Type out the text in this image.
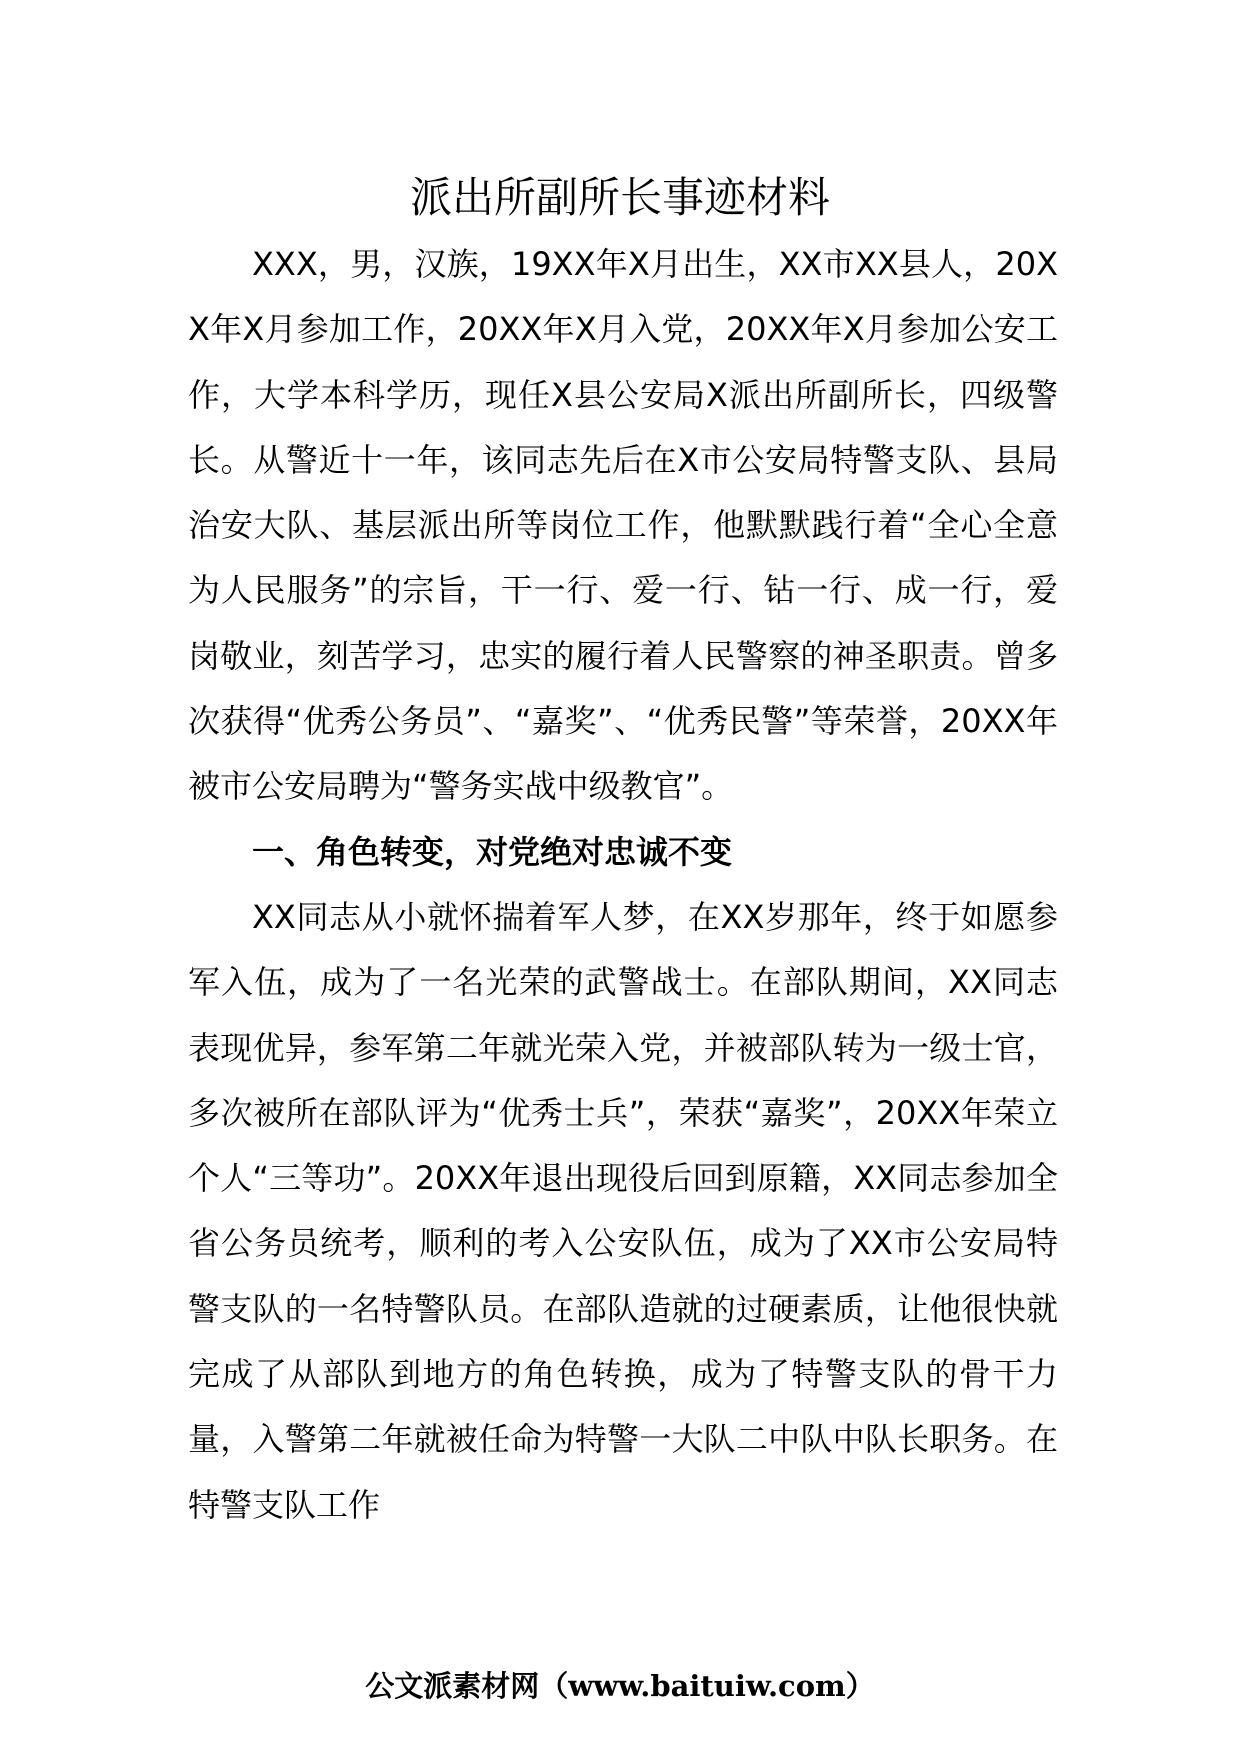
派出所副所长事迹材料

XXX，男，汉族，19XX年X月出生，XX市XX县人，20XX年X月参加工作，20XX年X月入党，20XX年X月参加公安工作，大学本科学历，现任X县公安局X派出所副所长，四级警长。从警近十一年，该同志先后在X市公安局特警支队、县局治安大队、基层派出所等岗位工作，他默默践行着“全心全意为人民服务”的宗旨，干一行、爱一行、钻一行、成一行，爱岗敬业，刻苦学习，忠实的履行着人民警察的神圣职责。曾多次获得“优秀公务员”、“嘉奖”、“优秀民警”等荣誉，20XX年被市公安局聘为“警务实战中级教官”。

一、角色转变，对党绝对忠诚不变

XX同志从小就怀揣着军人梦，在XX岁那年，终于如愿参军入伍，成为了一名光荣的武警战士。在部队期间，XX同志表现优异，参军第二年就光荣入党，并被部队转为一级士官，多次被所在部队评为“优秀士兵”，荣获“嘉奖”，20XX年荣立个人“三等功”。20XX年退出现役后回到原籍，XX同志参加全省公务员统考，顺利的考入公安队伍，成为了XX市公安局特警支队的一名特警队员。在部队造就的过硬素质，让他很快就完成了从部队到地方的角色转换，成为了特警支队的骨干力量，入警第二年就被任命为特警一大队二中队中队长职务。在特警支队工作

公文派素材网（www.baituiw.com）
